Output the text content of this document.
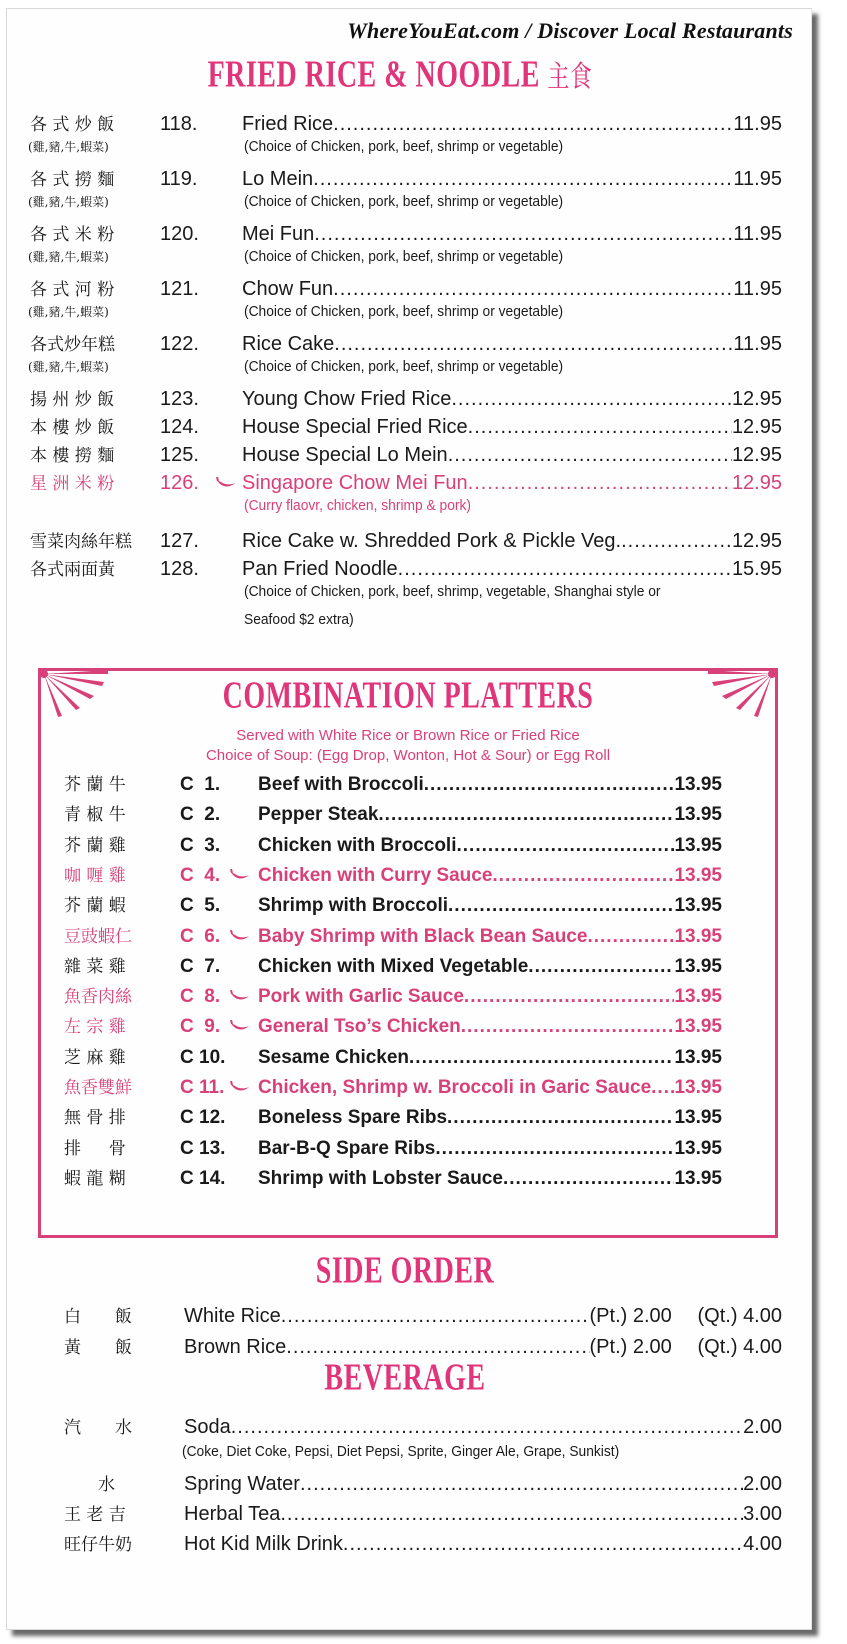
WhereYouEat.com / Discover Local Restaurants
FRIED RICE & NOODLE 主食
各 式 炒 飯	118.	Fried Rice .....	11.95
(雞,豬,牛,蝦菜)	(Choice of Chicken, pork, beef, shrimp or vegetable)
各 式 撈 麵	119.	Lo Mein .....	11.95
(雞,豬,牛,蝦菜)	(Choice of Chicken, pork, beef, shrimp or vegetable)
各 式 米 粉	120.	Mei Fun .....	11.95
(雞,豬,牛,蝦菜)	(Choice of Chicken, pork, beef, shrimp or vegetable)
各 式 河 粉	121.	Chow Fun .....	11.95
(雞,豬,牛,蝦菜)	(Choice of Chicken, pork, beef, shrimp or vegetable)
各式炒年糕	122.	Rice Cake .....	11.95
(雞,豬,牛,蝦菜)	(Choice of Chicken, pork, beef, shrimp or vegetable)
揚 州 炒 飯	123.	Young Chow Fried Rice .....	12.95
本 樓 炒 飯	124.	House Special Fried Rice .....	12.95
本 樓 撈 麵	125.	House Special Lo Mein .....	12.95
星 洲 米 粉	126.	Singapore Chow Mei Fun .....	12.95
(Curry flaovr, chicken, shrimp & pork)
雪菜肉絲年糕	127.	Rice Cake w. Shredded Pork & Pickle Veg. .....	12.95
各式兩面黃	128.	Pan Fried Noodle .....	15.95
(Choice of Chicken, pork, beef, shrimp, vegetable, Shanghai style or
Seafood $2 extra)
COMBINATION PLATTERS
Served with White Rice or Brown Rice or Fried Rice
Choice of Soup: (Egg Drop, Wonton, Hot & Sour) or Egg Roll
芥 蘭 牛	C  1.	Beef with Broccoli .....	13.95
青 椒 牛	C  2.	Pepper Steak .....	13.95
芥 蘭 雞	C  3.	Chicken with Broccoli .....	13.95
咖 喱 雞	C  4.	Chicken with Curry Sauce .....	13.95
芥 蘭 蝦	C  5.	Shrimp with Broccoli .....	13.95
豆豉蝦仁	C  6.	Baby Shrimp with Black Bean Sauce .....	13.95
雜 菜 雞	C  7.	Chicken with Mixed Vegetable .....	13.95
魚香肉絲	C  8.	Pork with Garlic Sauce .....	13.95
左 宗 雞	C  9.	General Tso’s Chicken .....	13.95
芝 麻 雞	C 10. Sesame Chicken .....	13.95
魚香雙鮮	C 11. Chicken, Shrimp w. Broccoli in Garic Sauce ..... 13.95
無 骨 排	C 12. Boneless Spare Ribs .....	13.95
排 　 骨	C 13. Bar-B-Q Spare Ribs .....	13.95
蝦 龍 糊	C 14. Shrimp with Lobster Sauce .....	13.95
SIDE ORDER
白　　飯	White Rice .....	(Pt.) 2.00	(Qt.) 4.00
黃　　飯	Brown Rice .....	(Pt.) 2.00	(Qt.) 4.00
BEVERAGE
汽　　水	Soda .....	2.00
(Coke, Diet Coke, Pepsi, Diet Pepsi, Sprite, Ginger Ale, Grape, Sunkist)
　　水	Spring Water .....	2.00
王 老 吉	Herbal Tea .....	3.00
旺仔牛奶	Hot Kid Milk Drink .....	4.00
